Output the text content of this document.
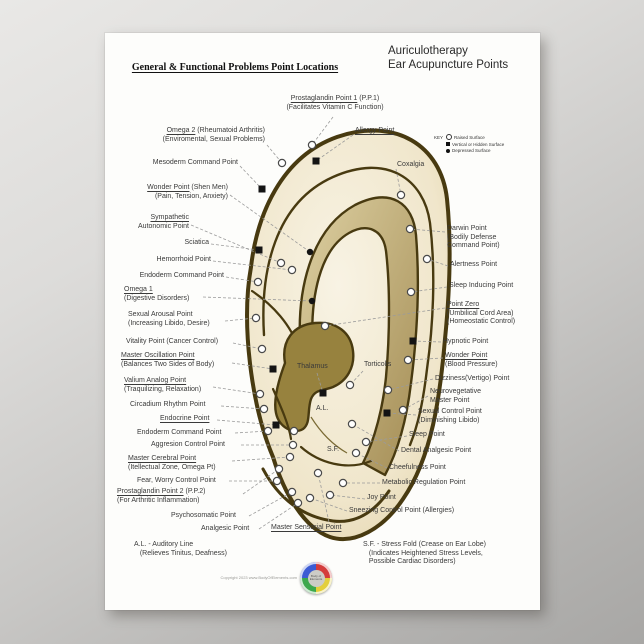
General & Functional Problems Point Locations
Auriculotherapy
Ear Acupuncture Points
KEY Raised Surface
Vertical or Hidden Surface
Depressed Surface
Prostaglandin Point 1 (P.P.1)
(Facilitates Vitamin C Function)
Omega 2 (Rheumatoid Arthritis)
(Enviromental, Sexual Problems)
Allergy Point
Mesoderm Command Point
Wonder Point (Shen Men)
(Pain, Tension, Anxiety)
Sympathetic
Autonomic Point
Sciatica
Hemorrhoid Point
Endoderm Command Point
Omega 1
(Digestive Disorders)
Sexual Arousal Point
(Increasing Libido, Desire)
Vitality Point (Cancer Control)
Master Oscillation Point
(Balances Two Sides of Body)
Valium Analog Point
(Traquilizing, Relaxation)
Circadium Rhythm Point
Endocrine Point
Endoderm Command Point
Aggresion Control Point
Master Cerebral Point
(Itellectual Zone, Omega Pt)
Fear, Worry Control Point
Prostaglandin Point 2 (P.P.2)
(For Arthritic Inflammation)
Psychosomatic Point
Analgesic Point	Master Sensorial Point
Coxalgia
Darwin Point
(Bodily Defense
Command Point)
Alertness Point
Sleep Inducing Point
Point Zero
(Umbilical Cord Area)
(Homeostatic Control)
Hypnotic Point
Wonder Point
(Blood Pressure)
Dizziness(Vertigo) Point
Neurovegetative
Master Point
Sexual Control Point
(Diminishing Libido)
Sleep Point
Dental Analgesic Point
Cheefulness Point
Metabolic Regulation Point
Joy Point
Sneezing Control Point (Allergies)
Thalamus	Torticolis
A.L.
S.F.
A.L. - Auditory Line
(Relieves Tinitus, Deafness)
S.F. - Stress Fold (Crease on Ear Lobe)
(Indicates Heightened Stress Levels,
Possible Cardiac Disorders)
Copyright 2023 www.BodyOfElements.com	Body of Elements
